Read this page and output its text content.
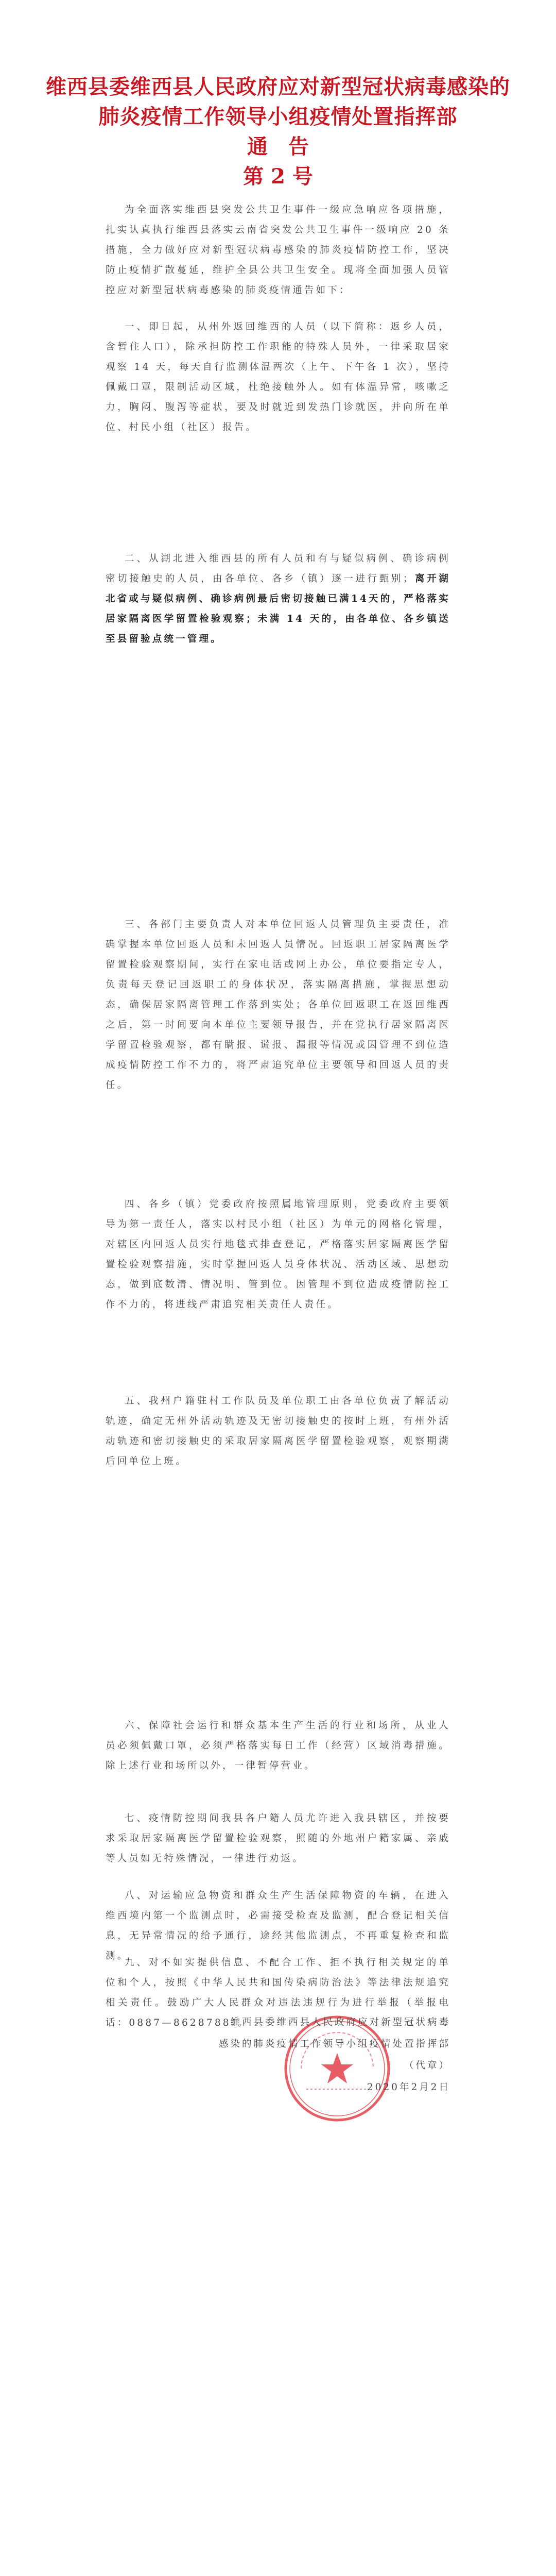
维西县委维西县人民政府应对新型冠状病毒感染的
肺炎疫情工作领导小组疫情处置指挥部
通　告
第 2 号

为全面落实维西县突发公共卫生事件一级应急响应各项措施，扎实认真执行维西县落实云南省突发公共卫生事件一级响应 20 条措施，全力做好应对新型冠状病毒感染的肺炎疫情防控工作，坚决防止疫情扩散蔓延，维护全县公共卫生安全。现将全面加强人员管控应对新型冠状病毒感染的肺炎疫情通告如下：

一、即日起，从州外返回维西的人员（以下简称：返乡人员，含暂住人口），除承担防控工作职能的特殊人员外，一律采取居家观察 14 天，每天自行监测体温两次（上午、下午各 1 次），坚持佩戴口罩，限制活动区域，杜绝接触外人。如有体温异常，咳嗽乏力，胸闷、腹泻等症状，要及时就近到发热门诊就医，并向所在单位、村民小组（社区）报告。

二、从湖北进入维西县的所有人员和有与疑似病例、确诊病例密切接触史的人员，由各单位、各乡（镇）逐一进行甄别；离开湖北省或与疑似病例、确诊病例最后密切接触已满14天的，严格落实居家隔离医学留置检验观察；未满 14 天的，由各单位、各乡镇送至县留验点统一管理。

三、各部门主要负责人对本单位回返人员管理负主要责任，准确掌握本单位回返人员和未回返人员情况。回返职工居家隔离医学留置检验观察期间，实行在家电话或网上办公，单位要指定专人，负责每天登记回返职工的身体状况，落实隔离措施，掌握思想动态，确保居家隔离管理工作落到实处；各单位回返职工在返回维西之后，第一时间要向本单位主要领导报告，并在党执行居家隔离医学留置检验观察，都有瞒报、谎报、漏报等情况或因管理不到位造成疫情防控工作不力的，将严肃追究单位主要领导和回返人员的责任。

四、各乡（镇）党委政府按照属地管理原则，党委政府主要领导为第一责任人，落实以村民小组（社区）为单元的网格化管理，对辖区内回返人员实行地毯式排查登记，严格落实居家隔离医学留置检验观察措施，实时掌握回返人员身体状况、活动区域、思想动态，做到底数清、情况明、管到位。因管理不到位造成疫情防控工作不力的，将进线严肃追究相关责任人责任。

五、我州户籍驻村工作队员及单位职工由各单位负责了解活动轨迹，确定无州外活动轨迹及无密切接触史的按时上班，有州外活动轨迹和密切接触史的采取居家隔离医学留置检验观察，观察期满后回单位上班。

六、保障社会运行和群众基本生产生活的行业和场所，从业人员必须佩戴口罩，必须严格落实每日工作（经营）区域消毒措施。除上述行业和场所以外，一律暂停营业。

七、疫情防控期间我县各户籍人员尤许进入我县辖区，并按要求采取居家隔离医学留置检验观察，照随的外地州户籍家属、亲戚等人员如无特殊情况，一律进行劝返。

八、对运输应急物资和群众生产生活保障物资的车辆，在进入维西境内第一个监测点时，必需接受检查及监测，配合登记相关信息，无异常情况的给予通行，途经其他监测点，不再重复检查和监测。

九、对不如实提供信息、不配合工作、拒不执行相关规定的单位和个人，按照《中华人民共和国传染病防治法》等法律法规追究相关责任。鼓励广大人民群众对违法违规行为进行举报（举报电话：0887—8628788）。

维西县委维西县人民政府应对新型冠状病毒
感染的肺炎疫情工作领导小组疫情处置指挥部
（代章）
2020年2月2日
